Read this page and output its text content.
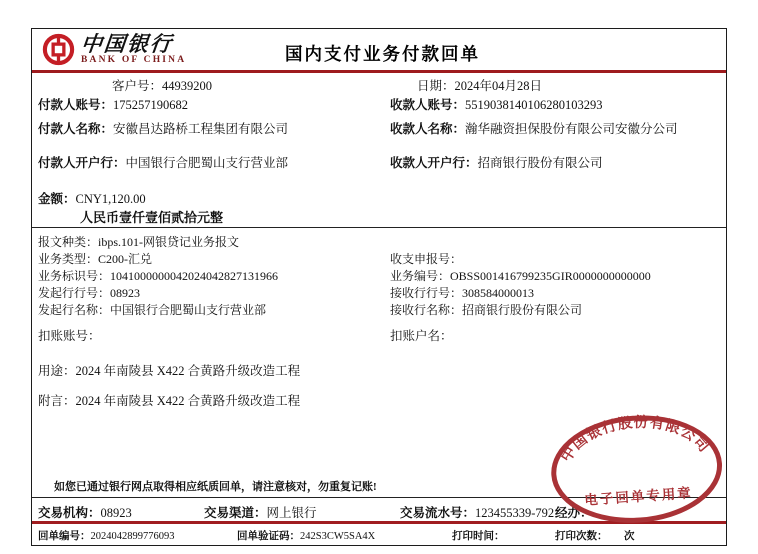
中国银行
BANK OF CHINA	国内支付业务付款回单
客户号：44939200	日期：2024年04月28日
付款人账号：175257190682	收款人账号：5519038140106280103293
付款人名称：安徽昌达路桥工程集团有限公司	收款人名称：瀚华融资担保股份有限公司安徽分公司
付款人开户行：中国银行合肥蜀山支行营业部	收款人开户行：招商银行股份有限公司
金额：CNY1,120.00
人民币壹仟壹佰贰拾元整
报文种类：ibps.101-网银贷记业务报文
业务类型：C200-汇兑	收支申报号：
业务标识号：1041000000042024042827131966	业务编号：OBSS001416799235GIR0000000000000
发起行行号：08923	接收行行号：308584000013
发起行名称：中国银行合肥蜀山支行营业部	接收行名称：招商银行股份有限公司
扣账账号：	扣账户名：
用途：2024 年南陵县 X422 合黄路升级改造工程
附言：2024 年南陵县 X422 合黄路升级改造工程
中国银行股份有限公司
电子回单专用章
如您已通过银行网点取得相应纸质回单，请注意核对，勿重复记账!
交易机构：08923	交易渠道：网上银行	交易流水号：123455339-792 经办：
回单编号：2024042899776093	回单验证码：242S3CW5SA4X	打印时间：	打印次数： 次
